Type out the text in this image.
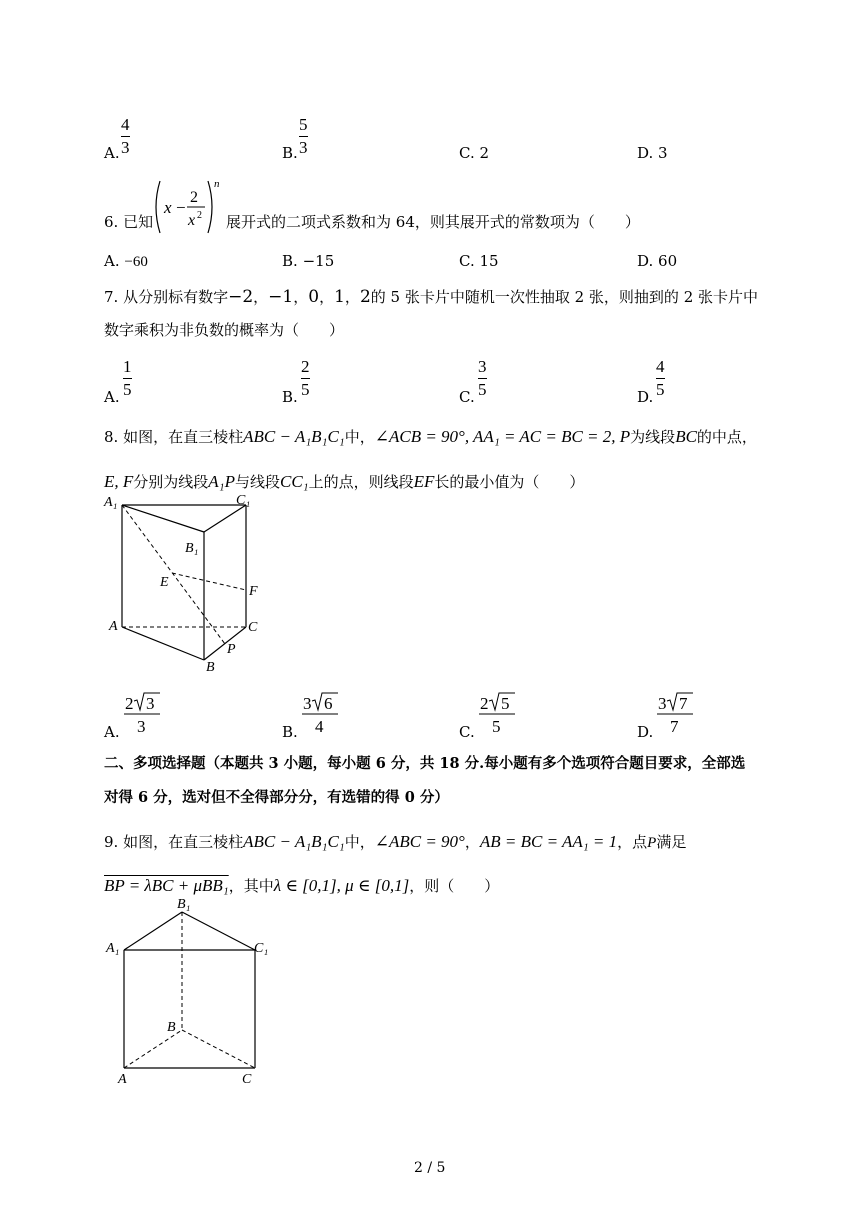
A.
4
3	B.
5
3	C. 2	D. 3
6. 已知
x −
2
x 2
n
展开式的二项式系数和为 64，则其展开式的常数项为（　　）
A. −60	B. −15	C. 15	D. 60
7. 从分别标有数字−2，−1，0，1，2的 5 张卡片中随机一次性抽取 2 张，则抽到的 2 张卡片中
数字乘积为非负数的概率为（　　）
A.
1
5	B.
2
5	C.
3
5	D.
4
5
8. 如图，在直三棱柱ABC − A₁B₁C₁中，∠ACB = 90°, AA₁ = AC = BC = 2, P为线段BC的中点，
E, F分别为线段A₁P与线段CC₁上的点，则线段EF长的最小值为（　　）
A₁	C₁
B₁
E
F
A	C
P
B
A.
2 3
3	B.
3 6
4	C.
2 5
5	D.
3 7
7
二、多项选择题（本题共 3 小题，每小题 6 分，共 18 分.每小题有多个选项符合题目要求，全部选
对得 6 分，选对但不全得部分分，有选错的得 0 分）
9. 如图，在直三棱柱ABC − A₁B₁C₁中，∠ABC = 90°，AB = BC = AA₁ = 1，点P满足
BP = λBC + μBB₁，其中λ ∈ [0,1], μ ∈ [0,1]，则（　　）
B₁
A₁	C₁
B
A	C
2 / 5
